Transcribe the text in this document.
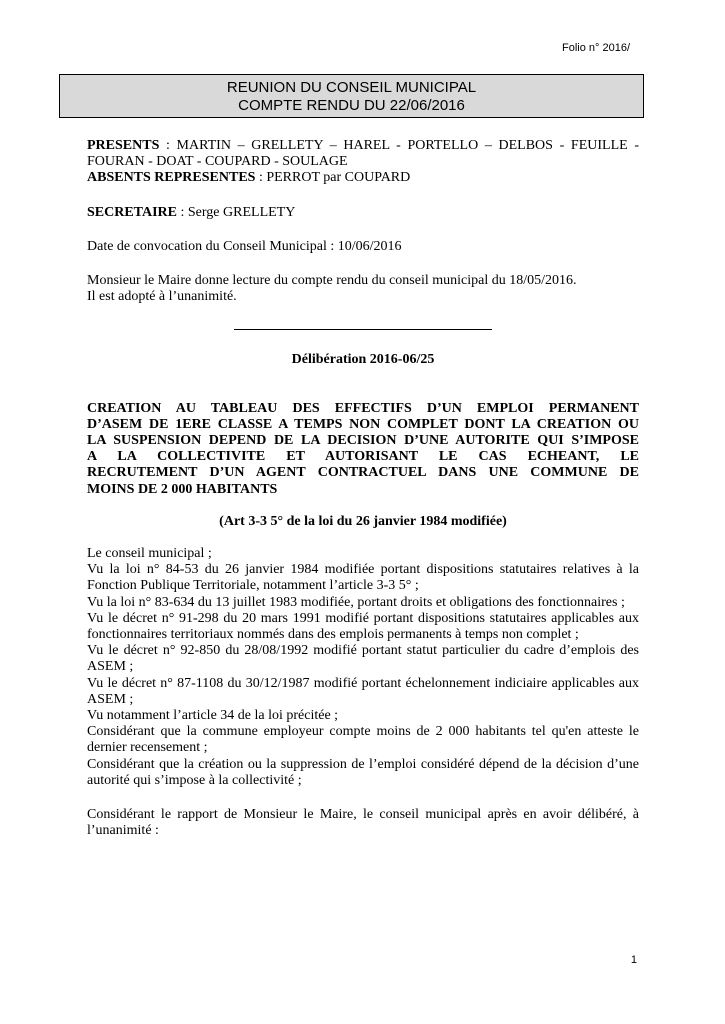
Folio n° 2016/
REUNION DU CONSEIL MUNICIPAL
COMPTE RENDU DU 22/06/2016

PRESENTS : MARTIN – GRELLETY – HAREL - PORTELLO – DELBOS - FEUILLE -

FOURAN - DOAT - COUPARD - SOULAGE

ABSENTS REPRESENTES : PERROT par COUPARD

SECRETAIRE : Serge GRELLETY

Date de convocation du Conseil Municipal : 10/06/2016

Monsieur le Maire donne lecture du compte rendu du conseil municipal du 18/05/2016.

Il est adopté à l’unanimité.

Délibération 2016-06/25

CREATION AU TABLEAU DES EFFECTIFS D’UN EMPLOI PERMANENT

D’ASEM DE 1ERE CLASSE A TEMPS NON COMPLET DONT LA CREATION OU

LA SUSPENSION DEPEND DE LA DECISION D’UNE AUTORITE QUI S’IMPOSE

A LA COLLECTIVITE ET AUTORISANT LE CAS ECHEANT, LE

RECRUTEMENT D’UN AGENT CONTRACTUEL DANS UNE COMMUNE DE

MOINS DE 2 000 HABITANTS

(Art 3-3 5° de la loi du 26 janvier 1984 modifiée)

Le conseil municipal ;

Vu la loi n° 84-53 du 26 janvier 1984 modifiée portant dispositions statutaires relatives à la Fonction Publique Territoriale, notamment l’article 3-3 5° ;

Vu la loi n° 83-634 du 13 juillet 1983 modifiée, portant droits et obligations des fonctionnaires ;

Vu le décret n° 91-298 du 20 mars 1991 modifié portant dispositions statutaires applicables aux fonctionnaires territoriaux nommés dans des emplois permanents à temps non complet ;

Vu le décret n° 92-850 du 28/08/1992 modifié portant statut particulier du cadre d’emplois des ASEM ;

Vu le décret n° 87-1108 du 30/12/1987 modifié portant échelonnement indiciaire applicables aux ASEM ;

Vu notamment l’article 34 de la loi précitée ;

Considérant que la commune employeur compte moins de 2 000 habitants tel qu'en atteste le dernier recensement ;

Considérant que la création ou la suppression de l’emploi considéré dépend de la décision d’une autorité qui s’impose à la collectivité ;

Considérant le rapport de Monsieur le Maire, le conseil municipal après en avoir délibéré, à l’unanimité :

1
